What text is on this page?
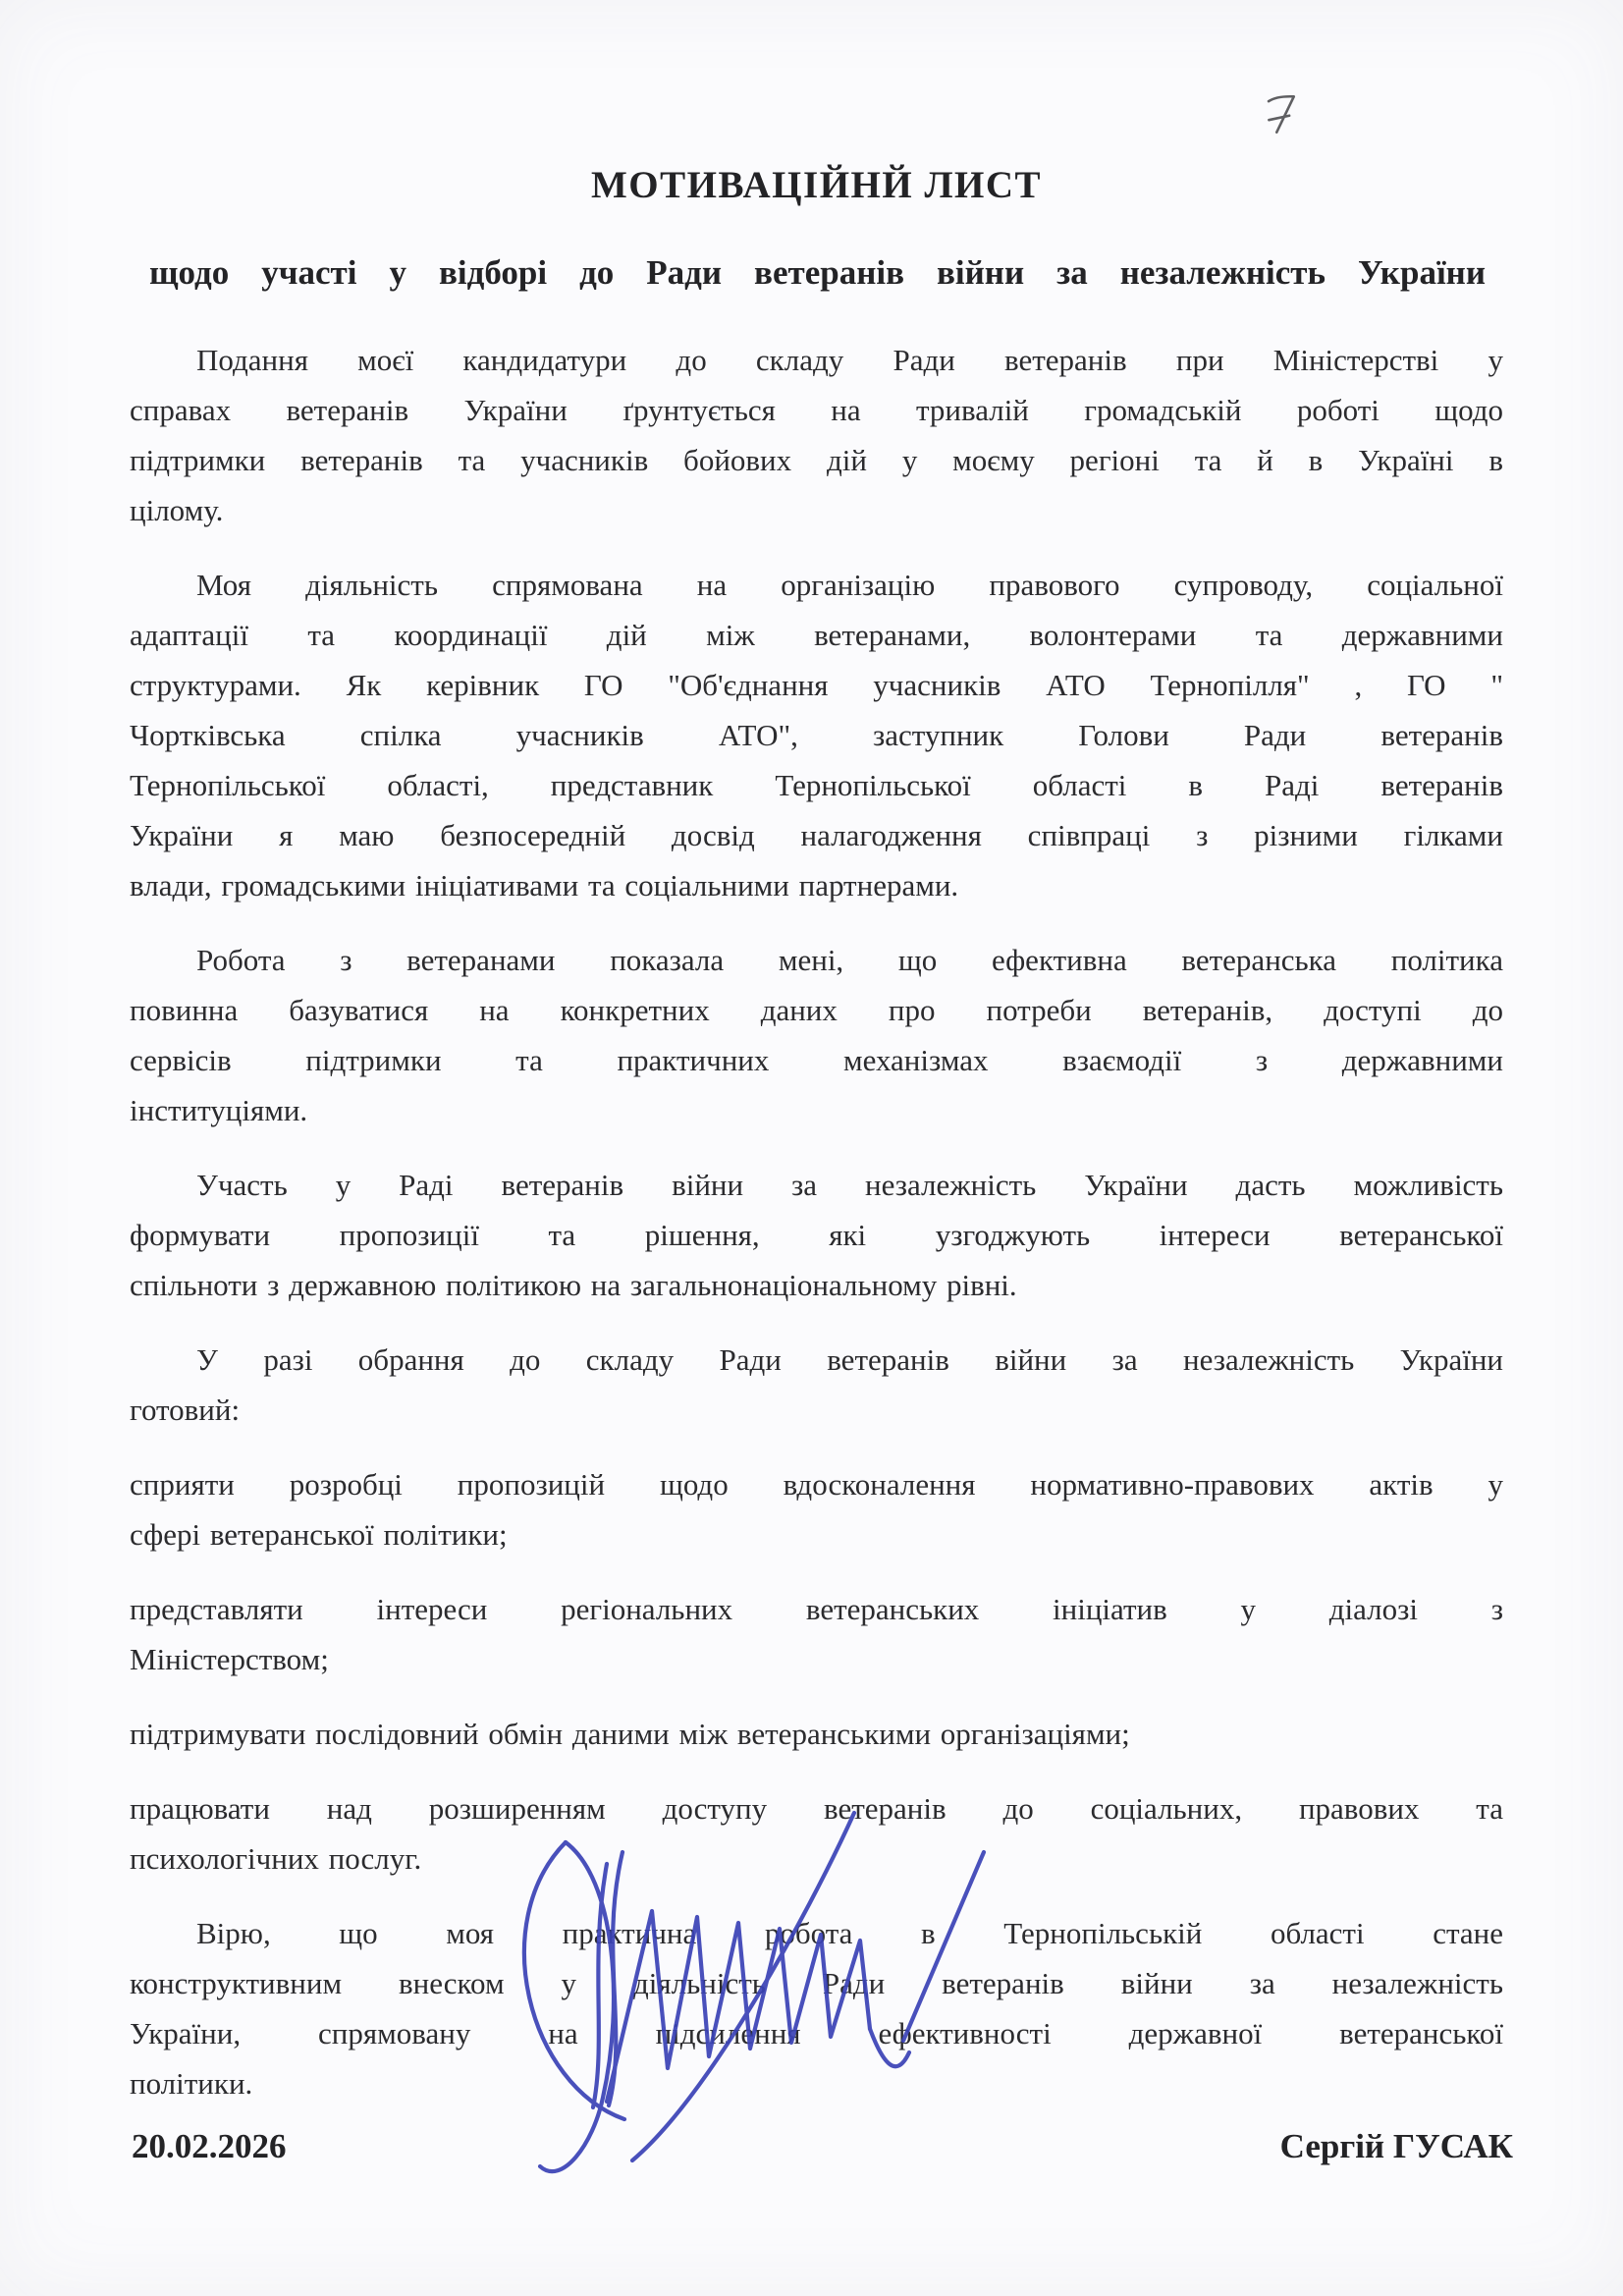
МОТИВАЦІЙНЙ ЛИСТ
щодо участі у відборі до Ради ветеранів війни за незалежність України
Подання моєї кандидатури до складу Ради ветеранів при Міністерстві у
справах ветеранів України ґрунтується на тривалій громадській роботі щодо
підтримки ветеранів та учасників бойових дій у моєму регіоні та й в Україні в
цілому.
Моя діяльність спрямована на організацію правового супроводу, соціальної
адаптації та координації дій між ветеранами, волонтерами та державними
структурами. Як керівник ГО "Об'єднання учасників АТО Тернопілля" , ГО "
Чортківська спілка учасників АТО", заступник Голови Ради ветеранів
Тернопільської області, представник Тернопільської області в Раді ветеранів
України я маю безпосередній досвід налагодження співпраці з різними гілками
влади, громадськими ініціативами та соціальними партнерами.
Робота з ветеранами показала мені, що ефективна ветеранська політика
повинна базуватися на конкретних даних про потреби ветеранів, доступі до
сервісів підтримки та практичних механізмах взаємодії з державними
інституціями.
Участь у Раді ветеранів війни за незалежність України дасть можливість
формувати пропозиції та рішення, які узгоджують інтереси ветеранської
спільноти з державною політикою на загальнонаціональному рівні.
У разі обрання до складу Ради ветеранів війни за незалежність України
готовий:
сприяти розробці пропозицій щодо вдосконалення нормативно-правових актів у
сфері ветеранської політики;
представляти інтереси регіональних ветеранських ініціатив у діалозі з
Міністерством;
підтримувати послідовний обмін даними між ветеранськими організаціями;
працювати над розширенням доступу ветеранів до соціальних, правових та
психологічних послуг.
Вірю, що моя практична робота в Тернопільській області стане
конструктивним внеском у діяльність Ради ветеранів війни за незалежність
України, спрямовану на підсилення ефективності державної ветеранської
політики.
20.02.2026	Сергій ГУСАК
